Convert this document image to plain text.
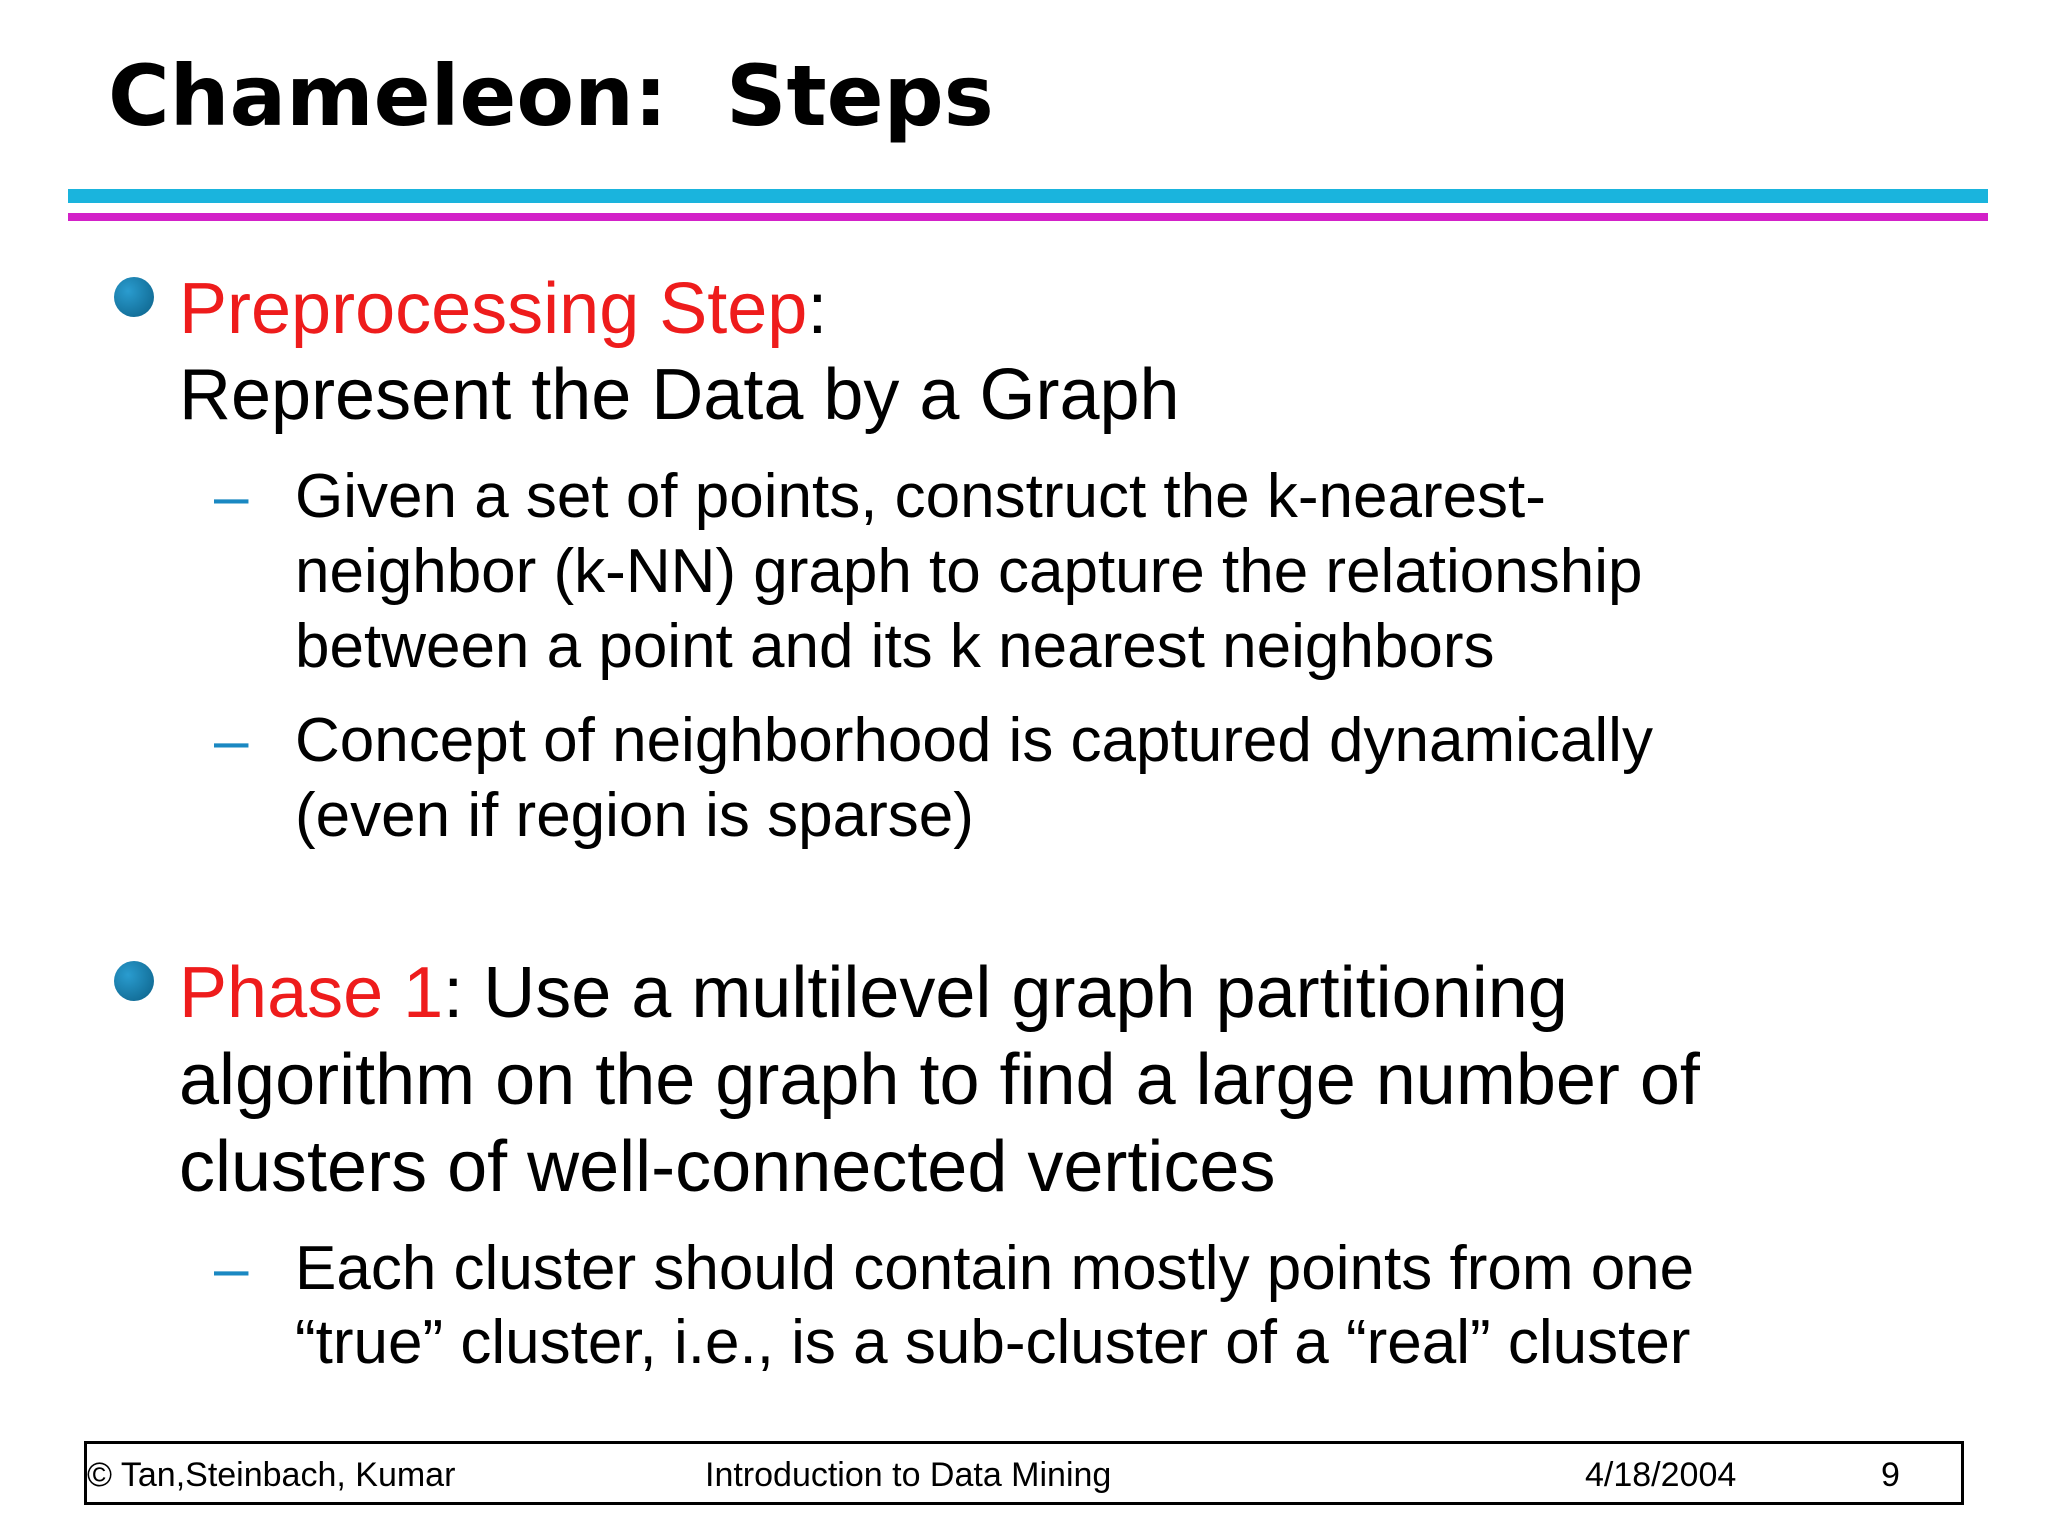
Chameleon:  Steps
Preprocessing Step:
Represent the Data by a Graph
– Given a set of points, construct the k-nearest-
neighbor (k-NN) graph to capture the relationship
between a point and its k nearest neighbors
– Concept of neighborhood is captured dynamically
(even if region is sparse)
Phase 1: Use a multilevel graph partitioning
algorithm on the graph to find a large number of
clusters of well-connected vertices
– Each cluster should contain mostly points from one
“true” cluster, i.e., is a sub-cluster of a “real” cluster
© Tan,Steinbach, Kumar	Introduction to Data Mining	4/18/2004	9
